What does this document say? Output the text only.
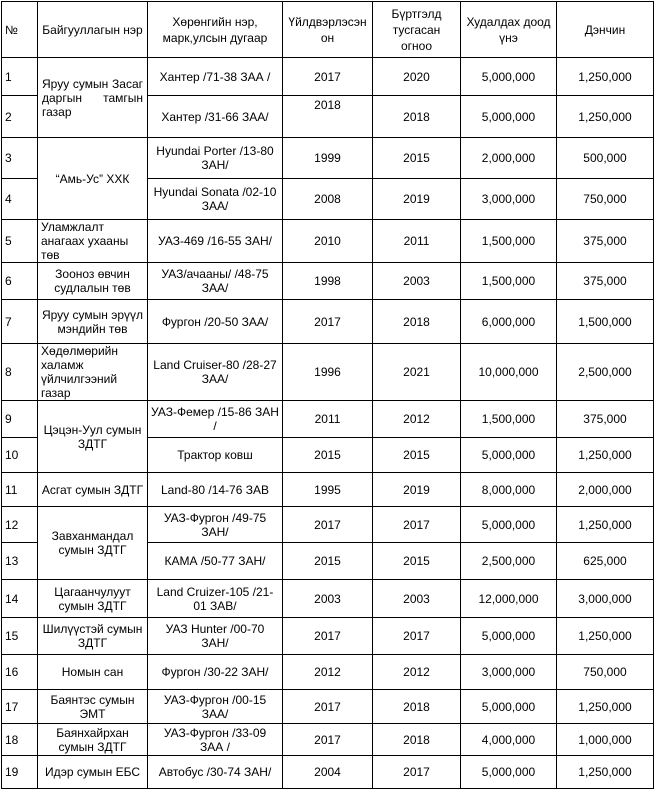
№	Байгууллагын нэр	Хөрөнгийн нэр, марк,улсын дугаар	Үйлдвэрлэсэн он	Бүртгэлд тусгасан огноо	Худалдах доод үнэ	Дэнчин
1	Яруу сумын Засаг даргын тамгын газар	Хантер /71-38 ЗАА /	2017	2020	5,000,000	1,250,000
2		Хантер /31-66 ЗАА/	2018	2018	5,000,000	1,250,000
3	“Амь-Ус” ХХК	Hyundai Porter /13-80 ЗАН/	1999	2015	2,000,000	500,000
4		Hyundai Sonata /02-10 ЗАА/	2008	2019	3,000,000	750,000
5	Уламжлалт анагаах ухааны төв	УАЗ-469 /16-55 ЗАН/	2010	2011	1,500,000	375,000
6	Зооноз өвчин судлалын төв	УАЗ/ачааны/ /48-75 ЗАА/	1998	2003	1,500,000	375,000
7	Яруу сумын эрүүл мэндийн төв	Фургон /20-50 ЗАА/	2017	2018	6,000,000	1,500,000
8	Хөдөлмөрийн халамж үйлчилгээний газар	Land Cruiser-80 /28-27 ЗАА/	1996	2021	10,000,000	2,500,000
9	Цэцэн-Уул сумын ЗДТГ	УАЗ-Фемер /15-86 ЗАН /	2011	2012	1,500,000	375,000
10		Трактор ковш	2015	2015	5,000,000	1,250,000
11	Асгат сумын ЗДТГ	Land-80 /14-76 ЗАВ	1995	2019	8,000,000	2,000,000
12	Завханмандал сумын ЗДТГ	УАЗ-Фургон /49-75 ЗАН/	2017	2017	5,000,000	1,250,000
13		КАМА /50-77 ЗАН/	2015	2015	2,500,000	625,000
14	Цагаанчулуут сумын ЗДТГ	Land Cruizer-105 /21-01 ЗАВ/	2003	2003	12,000,000	3,000,000
15	Шилүүстэй сумын ЗДТГ	УАЗ Hunter /00-70 ЗАН/	2017	2017	5,000,000	1,250,000
16	Номын сан	Фургон /30-22 ЗАН/	2012	2012	3,000,000	750,000
17	Баянтэс сумын ЭМТ	УАЗ-Фургон /00-15 ЗАА/	2017	2018	5,000,000	1,250,000
18	Баянхайрхан сумын ЗДТГ	УАЗ-Фургон /33-09 ЗАА /	2017	2018	4,000,000	1,000,000
19	Идэр сумын ЕБС	Автобус /30-74 ЗАН/	2004	2017	5,000,000	1,250,000
